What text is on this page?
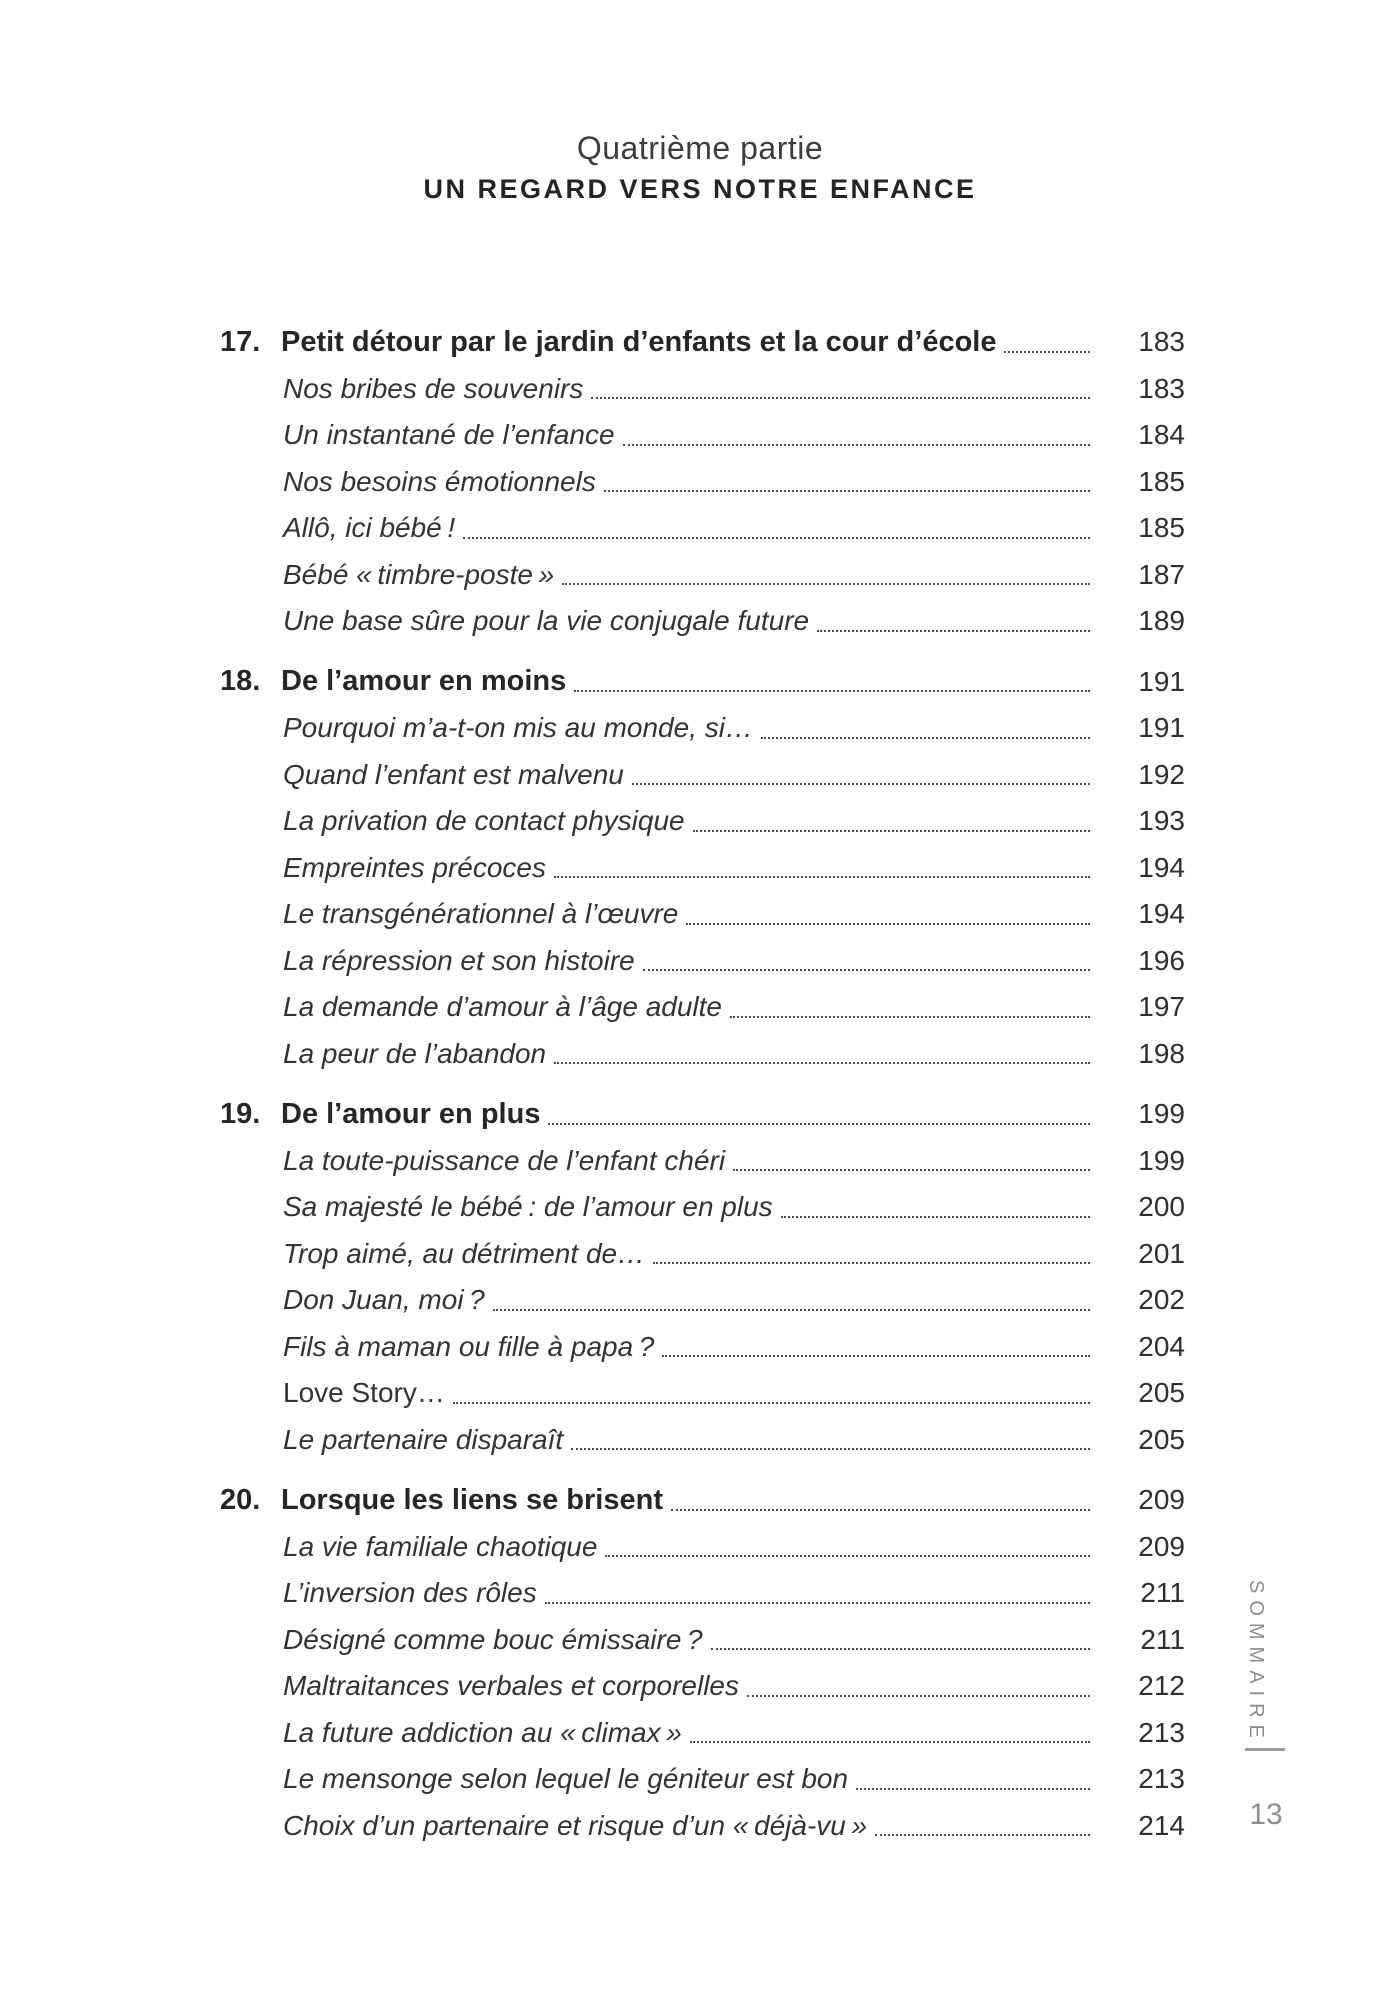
Quatrième partie
UN REGARD VERS NOTRE ENFANCE
17. Petit détour par le jardin d’enfants et la cour d’école	183
Nos bribes de souvenirs	183
Un instantané de l’enfance	184
Nos besoins émotionnels	185
Allô, ici bébé !	185
Bébé « timbre-poste »	187
Une base sûre pour la vie conjugale future	189
18. De l’amour en moins	191
Pourquoi m’a-t-on mis au monde, si…	191
Quand l’enfant est malvenu	192
La privation de contact physique	193
Empreintes précoces	194
Le transgénérationnel à l’œuvre	194
La répression et son histoire	196
La demande d’amour à l’âge adulte	197
La peur de l’abandon	198
19. De l’amour en plus	199
La toute-puissance de l’enfant chéri	199
Sa majesté le bébé : de l’amour en plus	200
Trop aimé, au détriment de…	201
Don Juan, moi ?	202
Fils à maman ou fille à papa ?	204
Love Story…	205
Le partenaire disparaît	205
20. Lorsque les liens se brisent	209
La vie familiale chaotique	209
L’inversion des rôles	211
Désigné comme bouc émissaire ?	211
Maltraitances verbales et corporelles	212
La future addiction au « climax »	213
Le mensonge selon lequel le géniteur est bon	213
Choix d’un partenaire et risque d’un « déjà-vu »	214
SOMMAIRE
13
